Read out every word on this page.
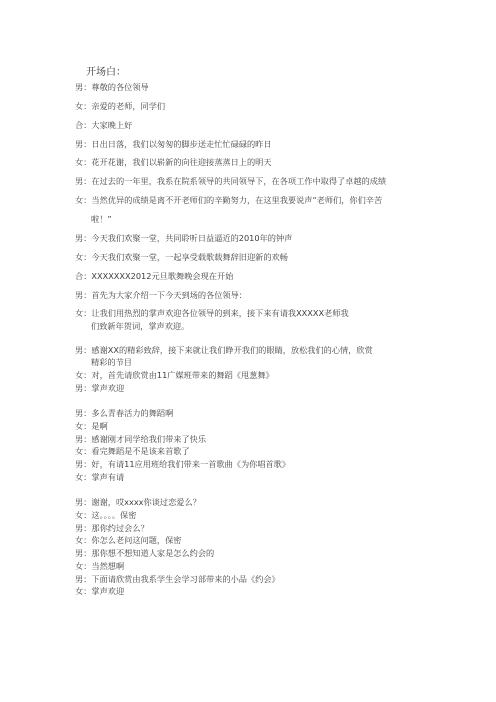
开场白：
男：尊敬的各位领导
女：亲爱的老师，同学们
合：大家晚上好
男：日出日落，我们以匆匆的脚步送走忙忙碌碌的昨日
女：花开花谢，我们以崭新的向往迎接蒸蒸日上的明天
男：在过去的一年里，我系在院系领导的共同领导下，在各项工作中取得了卓越的成绩
女：当然优异的成绩是离不开老师们的辛勤努力，在这里我要说声“老师们，你们辛苦
啦！”
男：今天我们欢聚一堂，共同聆听日益逼近的2010年的钟声
女：今天我们欢聚一堂，一起享受载歌载舞辞旧迎新的欢畅
合：XXXXXXX2012元旦歌舞晚会现在开始
男：首先为大家介绍一下今天到场的各位领导：
女：让我们用热烈的掌声欢迎各位领导的到来，接下来有请我XXXXX老师我
们致新年贺词，掌声欢迎。
男：感谢XX的精彩致辞，接下来就让我们睁开我们的眼睛，放松我们的心情，欣赏
精彩的节目
女：对，首先请欣赏由11广媒班带来的舞蹈《甩葱舞》
男：掌声欢迎
男：多么青春活力的舞蹈啊
女：是啊
男：感谢刚才同学给我们带来了快乐
女：看完舞蹈是不是该来首歌了
男：好，有请11应用班给我们带来一首歌曲《为你唱首歌》
女：掌声有请
男：谢谢，哎xxxx你谈过恋爱么？
女：这。。。。保密
男：那你约过会么？
女：你怎么老问这问题，保密
男：那你想不想知道人家是怎么约会的
女：当然想啊
男：下面请欣赏由我系学生会学习部带来的小品《约会》
女：掌声欢迎
